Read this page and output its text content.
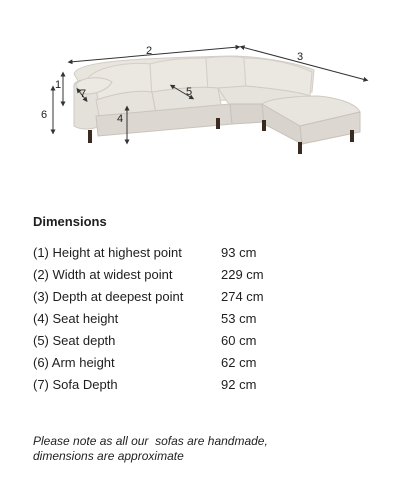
1
2	3
4
5
6
7
Dimensions
(1) Height at highest point	93 cm
(2) Width at widest point	229 cm
(3) Depth at deepest point	274 cm
(4) Seat height	53 cm
(5) Seat depth	60 cm
(6) Arm height	62 cm
(7) Sofa Depth	92 cm

Please note as all our  sofas are handmade,
dimensions are approximate
